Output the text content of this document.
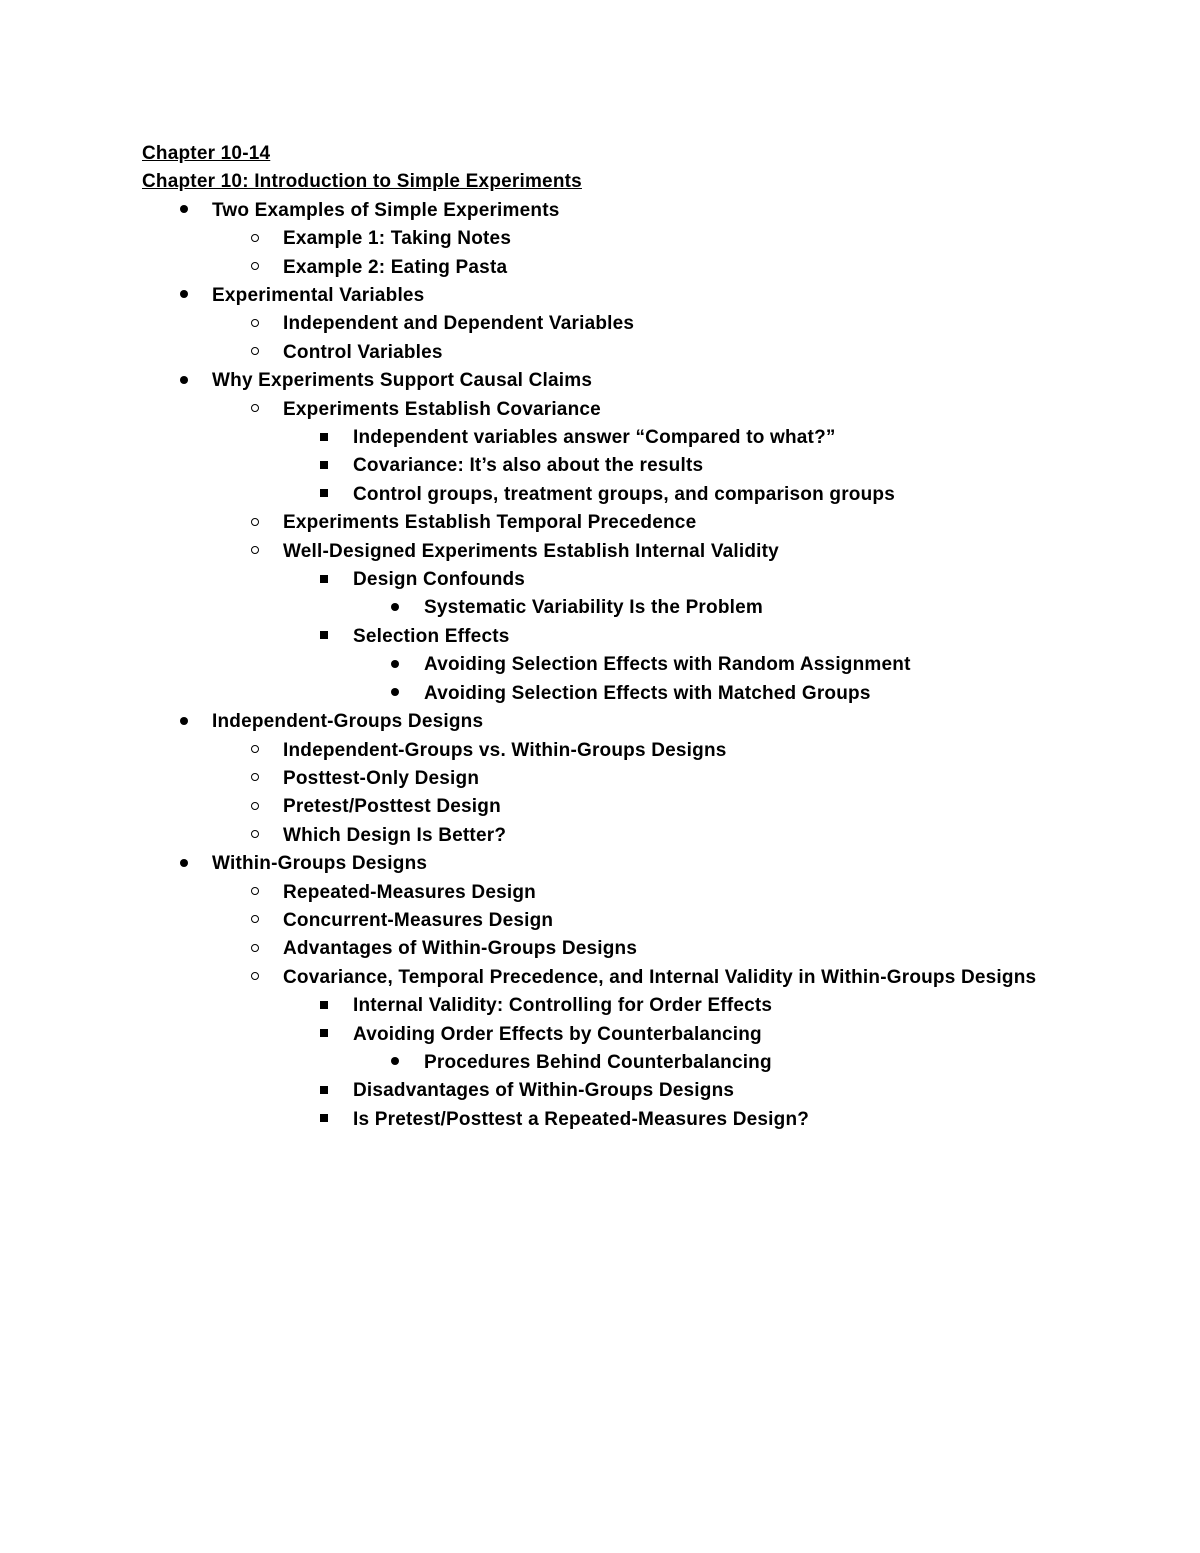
Chapter 10-14
Chapter 10: Introduction to Simple Experiments
Two Examples of Simple Experiments
Example 1: Taking Notes
Example 2: Eating Pasta
Experimental Variables
Independent and Dependent Variables
Control Variables
Why Experiments Support Causal Claims
Experiments Establish Covariance
Independent variables answer “Compared to what?”
Covariance: It’s also about the results
Control groups, treatment groups, and comparison groups
Experiments Establish Temporal Precedence
Well-Designed Experiments Establish Internal Validity
Design Confounds
Systematic Variability Is the Problem
Selection Effects
Avoiding Selection Effects with Random Assignment
Avoiding Selection Effects with Matched Groups
Independent-Groups Designs
Independent-Groups vs. Within-Groups Designs
Posttest-Only Design
Pretest/Posttest Design
Which Design Is Better?
Within-Groups Designs
Repeated-Measures Design
Concurrent-Measures Design
Advantages of Within-Groups Designs
Covariance, Temporal Precedence, and Internal Validity in Within-Groups Designs
Internal Validity: Controlling for Order Effects
Avoiding Order Effects by Counterbalancing
Procedures Behind Counterbalancing
Disadvantages of Within-Groups Designs
Is Pretest/Posttest a Repeated-Measures Design?
